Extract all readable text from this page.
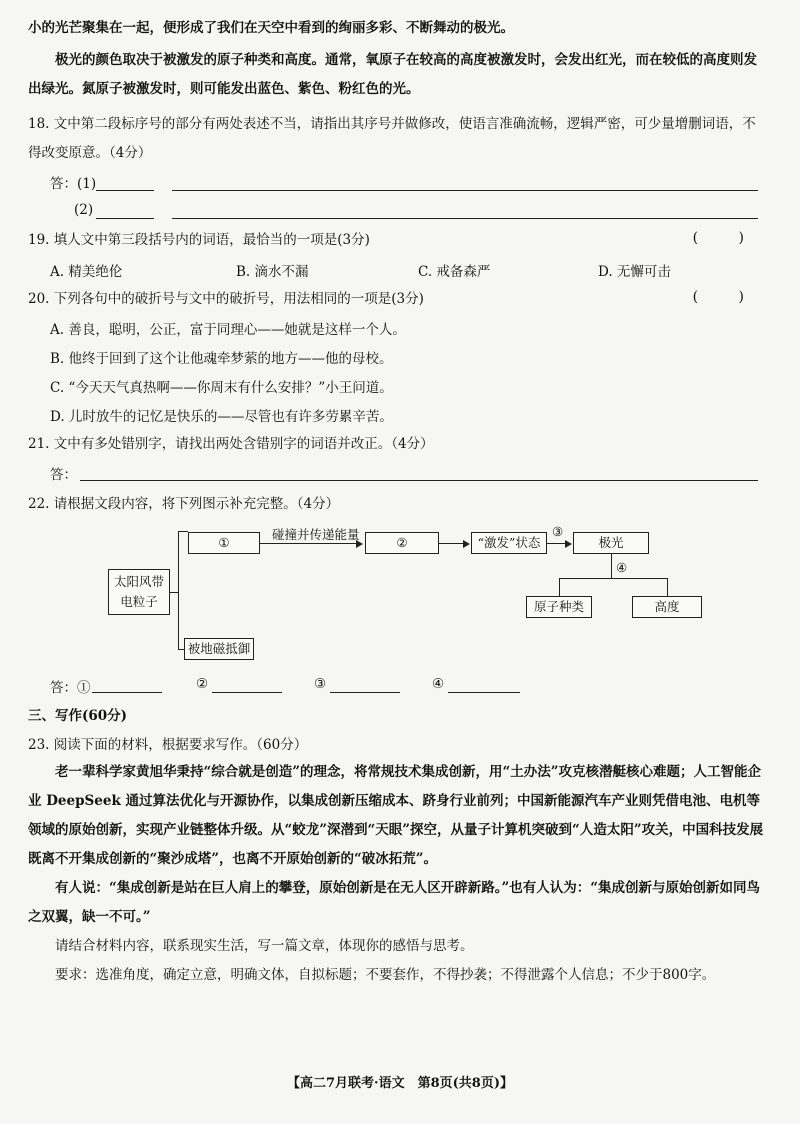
小的光芒聚集在一起，便形成了我们在天空中看到的绚丽多彩、不断舞动的极光。
极光的颜色取决于被激发的原子种类和高度。通常，氧原子在较高的高度被激发时，会发出红光，而在较低的高度则发出绿光。氮原子被激发时，则可能发出蓝色、紫色、粉红色的光。
18. 文中第二段标序号的部分有两处表述不当，请指出其序号并做修改，使语言准确流畅，逻辑严密，可少量增删词语，不得改变原意。（4分）
答：(1)
(2)
19. 填人文中第三段括号内的词语，最恰当的一项是(3分)	( )
A. 精美绝伦	B. 滴水不漏	C. 戒备森严	D. 无懈可击
20. 下列各句中的破折号与文中的破折号，用法相同的一项是(3分)	( )
A. 善良，聪明，公正，富于同理心——她就是这样一个人。
B. 他终于回到了这个让他魂牵梦萦的地方——他的母校。
C. “今天天气真热啊——你周末有什么安排？”小王问道。
D. 儿时放牛的记忆是快乐的——尽管也有许多劳累辛苦。
21. 文中有多处错别字，请找出两处含错别字的词语并改正。（4分）
答：
22. 请根据文段内容，将下列图示补充完整。（4分）
太阳风带
电粒子
①
碰撞并传递能量
②	“激发”状态
③
极光
④
原子种类	高度
被地磁抵御
答：①	②	③	④
三、写作(60分)
23. 阅读下面的材料，根据要求写作。（60分）
老一辈科学家黄旭华秉持“综合就是创造”的理念，将常规技术集成创新，用“土办法”攻克核潜艇核心难题；人工智能企业 DeepSeek 通过算法优化与开源协作，以集成创新压缩成本、跻身行业前列；中国新能源汽车产业则凭借电池、电机等领域的原始创新，实现产业链整体升级。从“蛟龙”深潜到“天眼”探空，从量子计算机突破到“人造太阳”攻关，中国科技发展既离不开集成创新的“聚沙成塔”，也离不开原始创新的“破冰拓荒”。
有人说：“集成创新是站在巨人肩上的攀登，原始创新是在无人区开辟新路。”也有人认为：“集成创新与原始创新如同鸟之双翼，缺一不可。”
请结合材料内容，联系现实生活，写一篇文章，体现你的感悟与思考。
要求：选准角度，确定立意，明确文体，自拟标题；不要套作，不得抄袭；不得泄露个人信息；不少于800字。
【高二7月联考·语文　第8页(共8页)】
